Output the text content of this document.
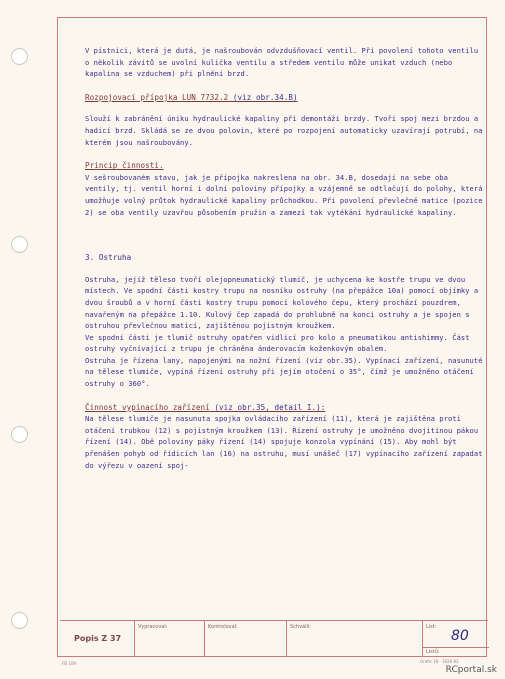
V pístnici, která je dutá, je našroubován odvzdušňovací ventil. Při povolení tohoto ventilu o několik závitů se uvolní kulička ventilu a středem ventilu může unikat vzduch (nebo kapalina se vzduchem) při plnění brzd.

Rozpojovací přípojka LUN 7732.2 (viz obr.34.B)

Slouží k zabránění úniku hydraulické kapaliny při demontáži brzdy. Tvoří spoj mezi brzdou a hadicí brzd. Skládá se ze dvou polovin, které po rozpojení automaticky uzavírají potrubí, na kterém jsou našroubovány.

Princip činnosti.

V sešroubovaném stavu, jak je přípojka nakreslena na obr. 34.B, dosedají na sebe oba ventily, tj. ventil horní i dolní poloviny přípojky a vzájemně se odtlačují do polohy, která umožňuje volný průtok hydraulické kapaliny průchodkou. Při povolení převlečné matice (pozice 2) se oba ventily uzavřou působením pružin a zamezí tak vytékání hydraulické kapaliny.

3. Ostruha

Ostruha, jejíž těleso tvoří olejopneumatický tlumič, je uchycena ke kostře trupu ve dvou místech. Ve spodní části kostry trupu na nosníku ostruhy (na přepážce 10a) pomocí objímky a dvou šroubů a v horní části kostry trupu pomocí kolového čepu, který prochází pouzdrem, navařeným na přepážce 1.10. Kulový čep zapadá do prohlubně na konci ostruhy a je spojen s ostruhou převlečnou maticí, zajištěnou pojistným kroužkem.

Ve spodní části je tlumič ostruhy opatřen vidlicí pro kolo a pneumatikou antishimmy. Část ostruhy vyčnívající z trupu je chráněna ánderovacím koženkovým obalem.

Ostruha je řízena lany, napojenými na nožní řízení (viz obr.35). Vypínací zařízení, nasunuté na tělese tlumiče, vypíná řízení ostruhy při jejím otočení o 35°, čímž je umožněno otáčení ostruhy o 360°.

Činnost vypínacího zařízení (viz obr.35, detail I.):

Na tělese tlumiče je nasunuta spojka ovládacího zařízení (11), která je zajištěna proti otáčení trubkou (12) s pojistným kroužkem (13). Řízení ostruhy je umožněno dvojitinou pákou řízení (14). Obě poloviny páky řízení (14) spojuje konzola vypínání (15). Aby mohl být přenášen pohyb od řídicích lan (16) na ostruhu, musí unášeč (17) vypínacího zařízení zapadat do výřezu v oazení spoj-

Popis Z 37
Vypracoval:	Kontroloval:	Schválil:	List:
80
Listů:
FB 109	Orefis 18 · 1926 82
RCportal.sk
